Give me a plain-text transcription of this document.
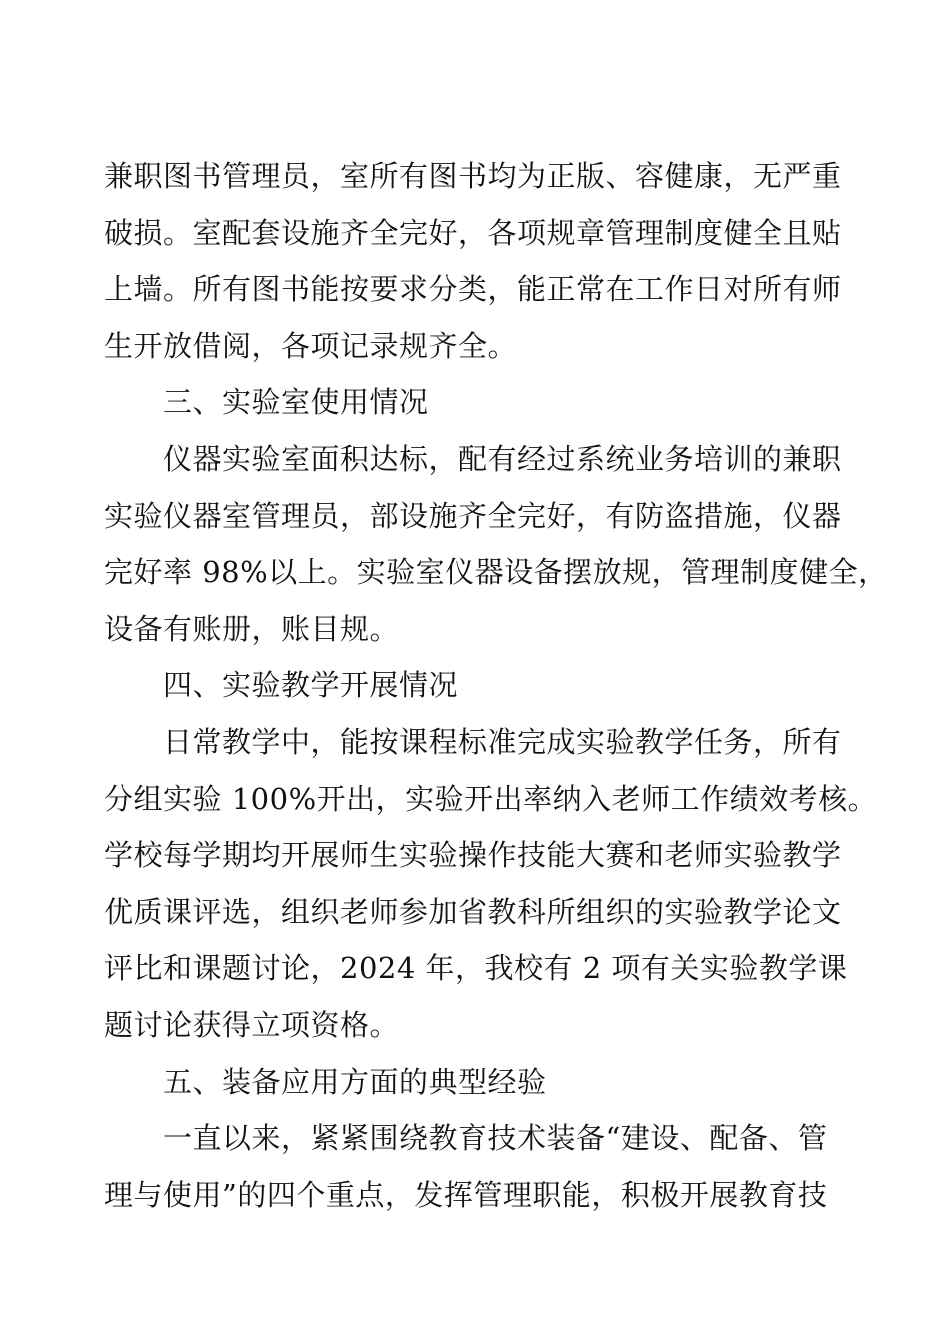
兼职图书管理员，室所有图书均为正版、容健康，无严重
破损。室配套设施齐全完好，各项规章管理制度健全且贴
上墙。所有图书能按要求分类，能正常在工作日对所有师
生开放借阅，各项记录规齐全。
三、实验室使用情况
仪器实验室面积达标，配有经过系统业务培训的兼职
实验仪器室管理员，部设施齐全完好，有防盗措施，仪器
完好率 98%以上。实验室仪器设备摆放规，管理制度健全，
设备有账册，账目规。
四、实验教学开展情况
日常教学中，能按课程标准完成实验教学任务，所有
分组实验 100%开出，实验开出率纳入老师工作绩效考核。
学校每学期均开展师生实验操作技能大赛和老师实验教学
优质课评选，组织老师参加省教科所组织的实验教学论文
评比和课题讨论，2024 年，我校有 2 项有关实验教学课
题讨论获得立项资格。
五、装备应用方面的典型经验
一直以来，紧紧围绕教育技术装备“建设、配备、管
理与使用”的四个重点，发挥管理职能，积极开展教育技
